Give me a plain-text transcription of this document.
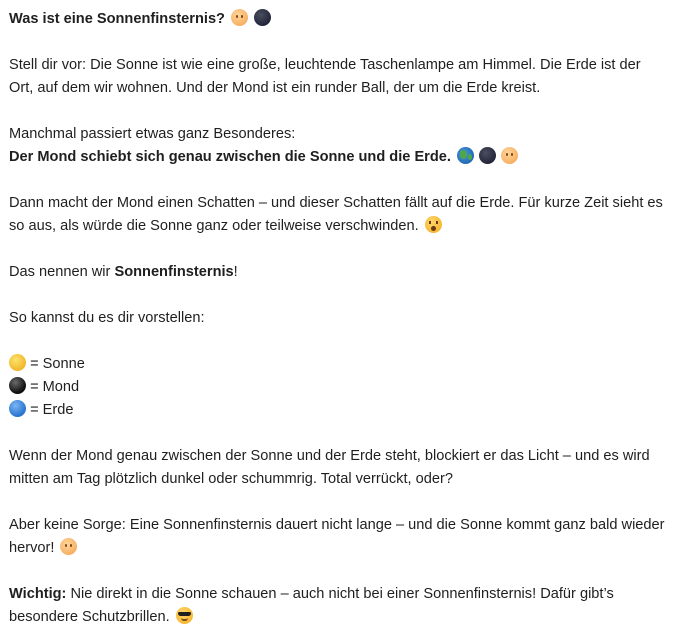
Was ist eine Sonnenfinsternis?

Stell dir vor: Die Sonne ist wie eine große, leuchtende Taschenlampe am Himmel. Die Erde ist der Ort, auf dem wir wohnen. Und der Mond ist ein runder Ball, der um die Erde kreist.

Manchmal passiert etwas ganz Besonderes:

Der Mond schiebt sich genau zwischen die Sonne und die Erde.

Dann macht der Mond einen Schatten – und dieser Schatten fällt auf die Erde. Für kurze Zeit sieht es so aus, als würde die Sonne ganz oder teilweise verschwinden.

Das nennen wir Sonnenfinsternis!

So kannst du es dir vorstellen:

= Sonne

= Mond

= Erde

Wenn der Mond genau zwischen der Sonne und der Erde steht, blockiert er das Licht – und es wird mitten am Tag plötzlich dunkel oder schummrig. Total verrückt, oder?

Aber keine Sorge: Eine Sonnenfinsternis dauert nicht lange – und die Sonne kommt ganz bald wieder hervor!

Wichtig: Nie direkt in die Sonne schauen – auch nicht bei einer Sonnenfinsternis! Dafür gibt’s besondere Schutzbrillen.
